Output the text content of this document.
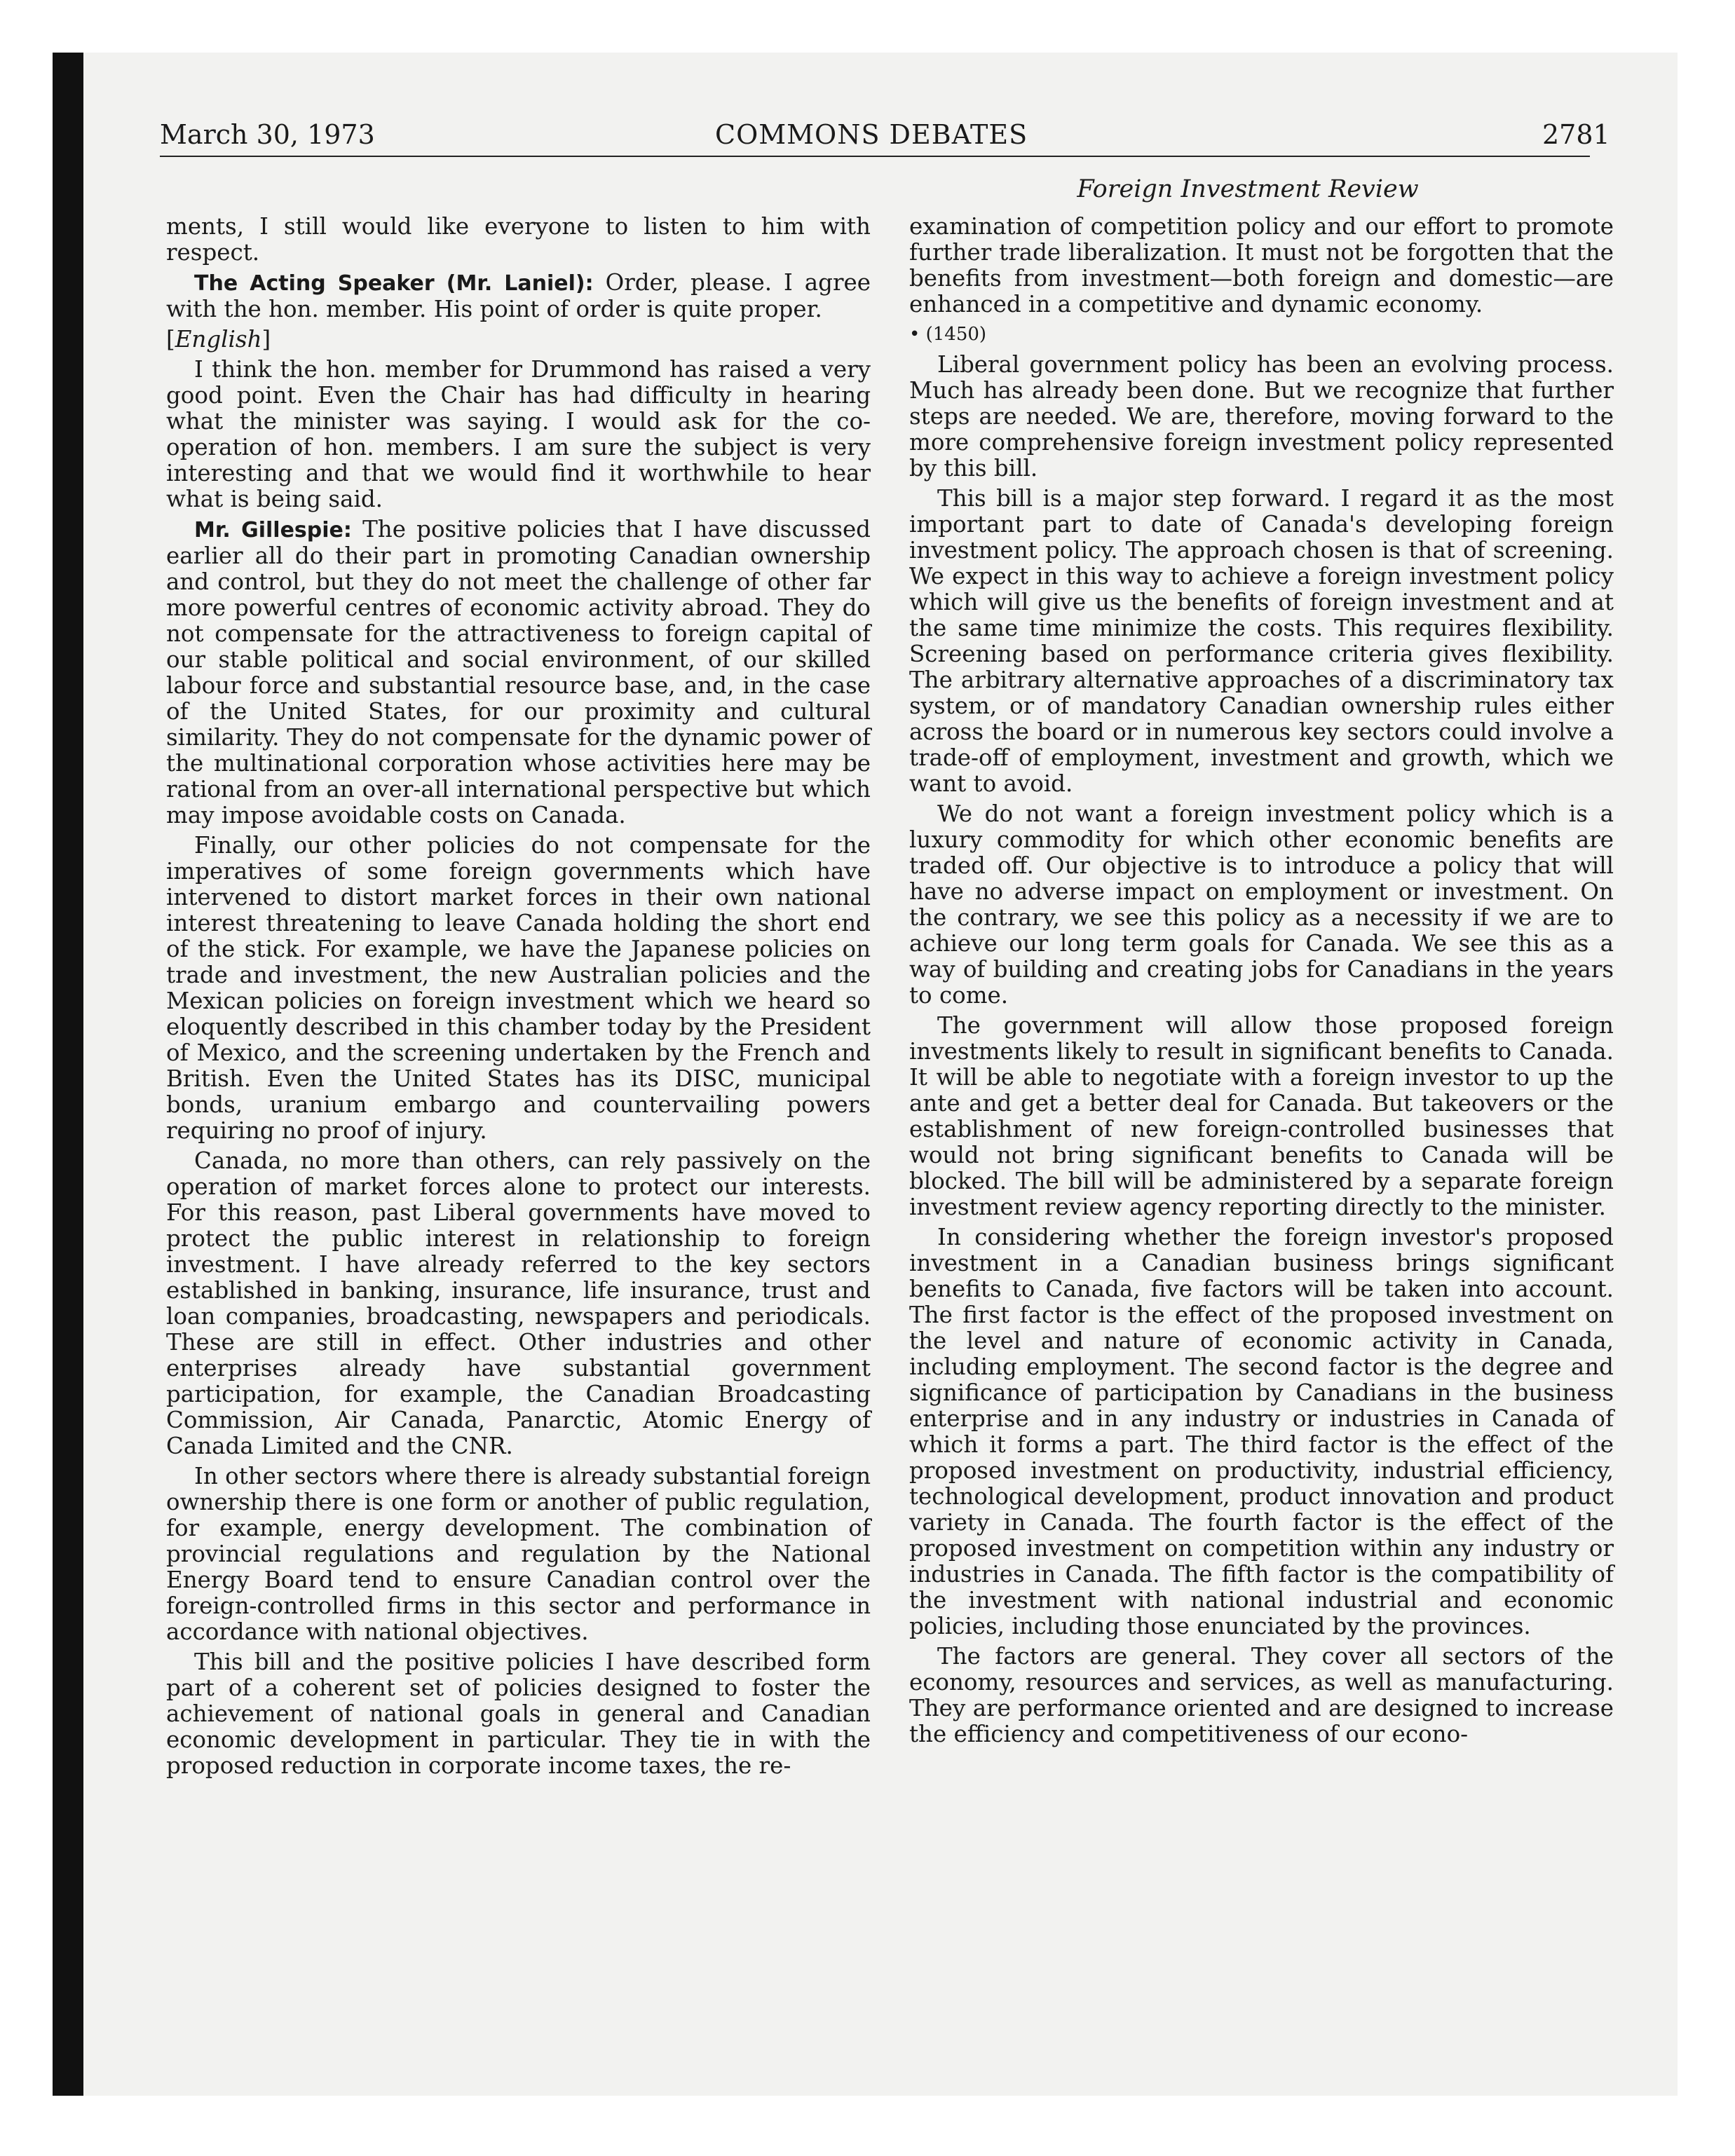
March 30, 1973	COMMONS DEBATES	2781
Foreign Investment Review

ments, I still would like everyone to listen to him with respect.

The Acting Speaker (Mr. Laniel): Order, please. I agree with the hon. member. His point of order is quite proper.

[English]

I think the hon. member for Drummond has raised a very good point. Even the Chair has had difficulty in hearing what the minister was saying. I would ask for the co-operation of hon. members. I am sure the subject is very interesting and that we would find it worthwhile to hear what is being said.

Mr. Gillespie: The positive policies that I have discussed earlier all do their part in promoting Canadian ownership and control, but they do not meet the challenge of other far more powerful centres of economic activity abroad. They do not compensate for the attractiveness to foreign capital of our stable political and social environment, of our skilled labour force and substantial resource base, and, in the case of the United States, for our proximity and cultural similarity. They do not compensate for the dynamic power of the multinational corporation whose activities here may be rational from an over-all international perspective but which may impose avoidable costs on Canada.

Finally, our other policies do not compensate for the imperatives of some foreign governments which have intervened to distort market forces in their own national interest threatening to leave Canada holding the short end of the stick. For example, we have the Japanese policies on trade and investment, the new Australian policies and the Mexican policies on foreign investment which we heard so eloquently described in this chamber today by the President of Mexico, and the screening undertaken by the French and British. Even the United States has its DISC, municipal bonds, uranium embargo and countervailing powers requiring no proof of injury.

Canada, no more than others, can rely passively on the operation of market forces alone to protect our interests. For this reason, past Liberal governments have moved to protect the public interest in relationship to foreign investment. I have already referred to the key sectors established in banking, insurance, life insurance, trust and loan companies, broadcasting, newspapers and periodicals. These are still in effect. Other industries and other enterprises already have substantial government participation, for example, the Canadian Broadcasting Commission, Air Canada, Panarctic, Atomic Energy of Canada Limited and the CNR.

In other sectors where there is already substantial foreign ownership there is one form or another of public regulation, for example, energy development. The combination of provincial regulations and regulation by the National Energy Board tend to ensure Canadian control over the foreign-controlled firms in this sector and performance in accordance with national objectives.

This bill and the positive policies I have described form part of a coherent set of policies designed to foster the achievement of national goals in general and Canadian economic development in particular. They tie in with the proposed reduction in corporate income taxes, the re-

examination of competition policy and our effort to promote further trade liberalization. It must not be forgotten that the benefits from investment—both foreign and domestic—are enhanced in a competitive and dynamic economy.

• (1450)

Liberal government policy has been an evolving process. Much has already been done. But we recognize that further steps are needed. We are, therefore, moving forward to the more comprehensive foreign investment policy represented by this bill.

This bill is a major step forward. I regard it as the most important part to date of Canada's developing foreign investment policy. The approach chosen is that of screening. We expect in this way to achieve a foreign investment policy which will give us the benefits of foreign investment and at the same time minimize the costs. This requires flexibility. Screening based on performance criteria gives flexibility. The arbitrary alternative approaches of a discriminatory tax system, or of mandatory Canadian ownership rules either across the board or in numerous key sectors could involve a trade-off of employment, investment and growth, which we want to avoid.

We do not want a foreign investment policy which is a luxury commodity for which other economic benefits are traded off. Our objective is to introduce a policy that will have no adverse impact on employment or investment. On the contrary, we see this policy as a necessity if we are to achieve our long term goals for Canada. We see this as a way of building and creating jobs for Canadians in the years to come.

The government will allow those proposed foreign investments likely to result in significant benefits to Canada. It will be able to negotiate with a foreign investor to up the ante and get a better deal for Canada. But takeovers or the establishment of new foreign-controlled businesses that would not bring significant benefits to Canada will be blocked. The bill will be administered by a separate foreign investment review agency reporting directly to the minister.

In considering whether the foreign investor's proposed investment in a Canadian business brings significant benefits to Canada, five factors will be taken into account. The first factor is the effect of the proposed investment on the level and nature of economic activity in Canada, including employment. The second factor is the degree and significance of participation by Canadians in the business enterprise and in any industry or industries in Canada of which it forms a part. The third factor is the effect of the proposed investment on productivity, industrial efficiency, technological development, product innovation and product variety in Canada. The fourth factor is the effect of the proposed investment on competition within any industry or industries in Canada. The fifth factor is the compatibility of the investment with national industrial and economic policies, including those enunciated by the provinces.

The factors are general. They cover all sectors of the economy, resources and services, as well as manufacturing. They are performance oriented and are designed to increase the efficiency and competitiveness of our econo-
